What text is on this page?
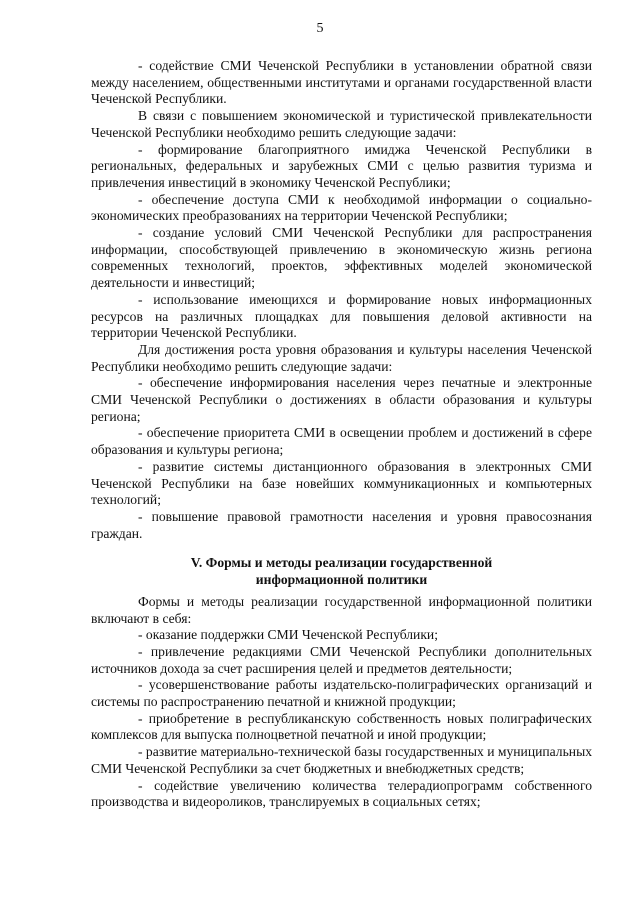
5

- содействие СМИ Чеченской Республики в установлении обратной связи между населением, общественными институтами и органами государственной власти Чеченской Республики.

В связи с повышением экономической и туристической привлекательности Чеченской Республики необходимо решить следующие задачи:

- формирование благоприятного имиджа Чеченской Республики в региональных, федеральных и зарубежных СМИ с целью развития туризма и привлечения инвестиций в экономику Чеченской Республики;

- обеспечение доступа СМИ к необходимой информации о социально-экономических преобразованиях на территории Чеченской Республики;

- создание условий СМИ Чеченской Республики для распространения информации, способствующей привлечению в экономическую жизнь региона современных технологий, проектов, эффективных моделей экономической деятельности и инвестиций;

- использование имеющихся и формирование новых информационных ресурсов на различных площадках для повышения деловой активности на территории Чеченской Республики.

Для достижения роста уровня образования и культуры населения Чеченской Республики необходимо решить следующие задачи:

- обеспечение информирования населения через печатные и электронные СМИ Чеченской Республики о достижениях в области образования и культуры региона;

- обеспечение приоритета СМИ в освещении проблем и достижений в сфере образования и культуры региона;

- развитие системы дистанционного образования в электронных СМИ Чеченской Республики на базе новейших коммуникационных и компьютерных технологий;

- повышение правовой грамотности населения и уровня правосознания граждан.

V. Формы и методы реализации государственной
информационной политики

Формы и методы реализации государственной информационной политики включают в себя:

- оказание поддержки СМИ Чеченской Республики;

- привлечение редакциями СМИ Чеченской Республики дополнительных источников дохода за счет расширения целей и предметов деятельности;

- усовершенствование работы издательско-полиграфических организаций и системы по распространению печатной и книжной продукции;

- приобретение в республиканскую собственность новых полиграфических комплексов для выпуска полноцветной печатной и иной продукции;

- развитие материально-технической базы государственных и муниципальных СМИ Чеченской Республики за счет бюджетных и внебюджетных средств;

- содействие увеличению количества телерадиопрограмм собственного производства и видеороликов, транслируемых в социальных сетях;
